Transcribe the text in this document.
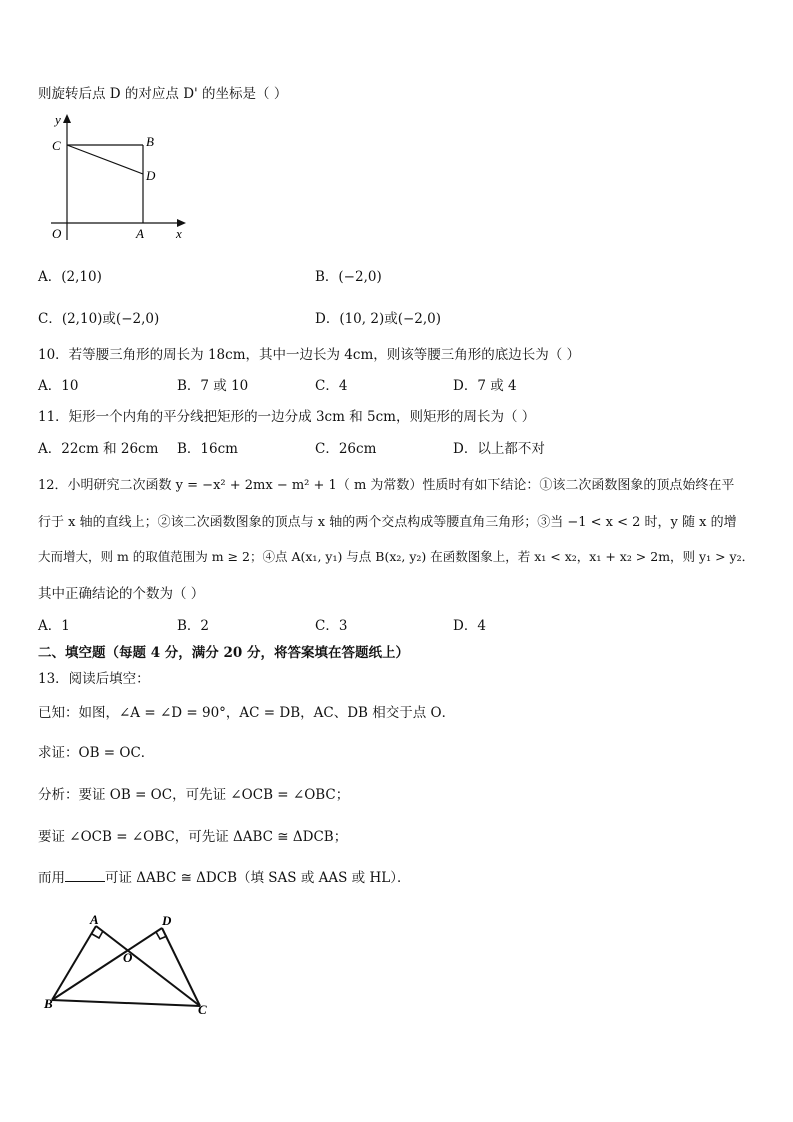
则旋转后点 D 的对应点 D' 的坐标是（ ）
y
x
O	A
B
C
D
A．(2,10)	B．(−2,0)
C．(2,10)或(−2,0)	D．(10, 2)或(−2,0)
10．若等腰三角形的周长为 18cm，其中一边长为 4cm，则该等腰三角形的底边长为（ ）
A．10	B．7 或 10	C．4	D．7 或 4
11．矩形一个内角的平分线把矩形的一边分成 3cm 和 5cm，则矩形的周长为（ ）
A．22cm 和 26cm B．16cm	C．26cm	D．以上都不对
12．小明研究二次函数 y = −x² + 2mx − m² + 1（ m 为常数）性质时有如下结论：①该二次函数图象的顶点始终在平
行于 x 轴的直线上；②该二次函数图象的顶点与 x 轴的两个交点构成等腰直角三角形；③当 −1 < x < 2 时，y 随 x 的增
大而增大，则 m 的取值范围为 m ≥ 2；④点 A(x₁, y₁) 与点 B(x₂, y₂) 在函数图象上，若 x₁ < x₂，x₁ + x₂ > 2m，则 y₁ > y₂．
其中正确结论的个数为（ ）
A．1	B．2	C．3	D．4
二、填空题（每题 4 分，满分 20 分，将答案填在答题纸上）
13．阅读后填空：
已知：如图，∠A = ∠D = 90°，AC = DB，AC、DB 相交于点 O．
求证：OB = OC．
分析：要证 OB = OC，可先证 ∠OCB = ∠OBC；
要证 ∠OCB = ∠OBC，可先证 ΔABC ≅ ΔDCB；
而用	可证 ΔABC ≅ ΔDCB（填 SAS 或 AAS 或 HL）．
A	D
O
B	C
